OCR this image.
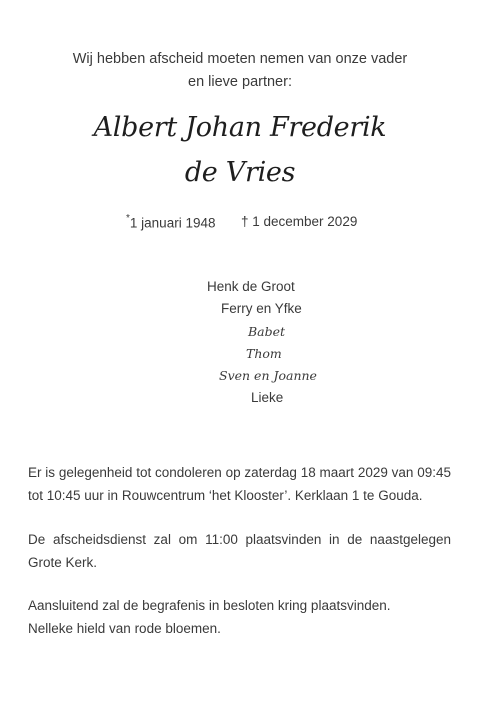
Wij hebben afscheid moeten nemen van onze vader
en lieve partner:
Albert Johan Frederik
de Vries
*1 januari 1948 † 1 december 2029
Henk de Groot
Ferry en Yfke
Babet
Thom
Sven en Joanne
Lieke
Er is gelegenheid tot condoleren op zaterdag 18 maart 2029 van 09:45 tot 10:45 uur in Rouwcentrum ‘het Klooster’. Kerklaan 1 te Gouda.
De afscheidsdienst zal om 11:00 plaatsvinden in de naastgelegen Grote Kerk.
Aansluitend zal de begrafenis in besloten kring plaatsvinden.
Nelleke hield van rode bloemen.
